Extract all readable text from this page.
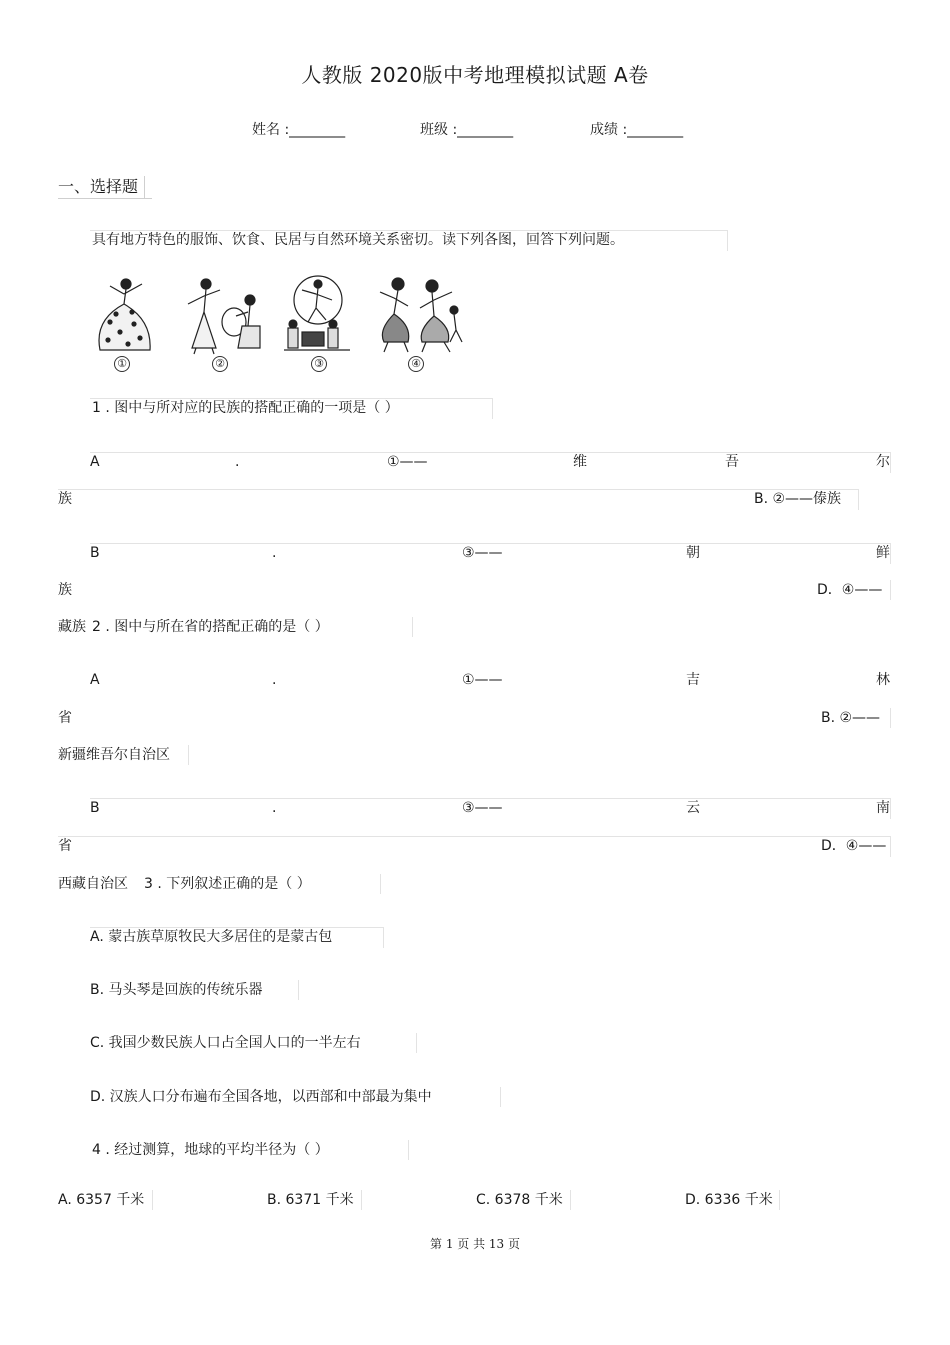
人教版 2020版中考地理模拟试题 A卷
姓名 :________	班级 :________	成绩 :________
一、选择题
具有地方特色的服饰、饮食、民居与自然环境关系密切。读下列各图，回答下列问题。
①	②	③	④
1 . 图中与所对应的民族的搭配正确的一项是（ ）
A	.	①——	维	吾	尔
族	B. ②——傣族
B	.	③——	朝	鲜
族	D．④——
藏族 2 . 图中与所在省的搭配正确的是（ ）
A	.	①——	吉	林
省	B. ②——
新疆维吾尔自治区
B	.	③——	云	南
省	D．④——
西藏自治区 3 . 下列叙述正确的是（ ）
A. 蒙古族草原牧民大多居住的是蒙古包
B. 马头琴是回族的传统乐器
C. 我国少数民族人口占全国人口的一半左右
D. 汉族人口分布遍布全国各地，以西部和中部最为集中
4 . 经过测算，地球的平均半径为（ ）
A. 6357 千米	B. 6371 千米	C. 6378 千米	D. 6336 千米
第 1 页 共 13 页
